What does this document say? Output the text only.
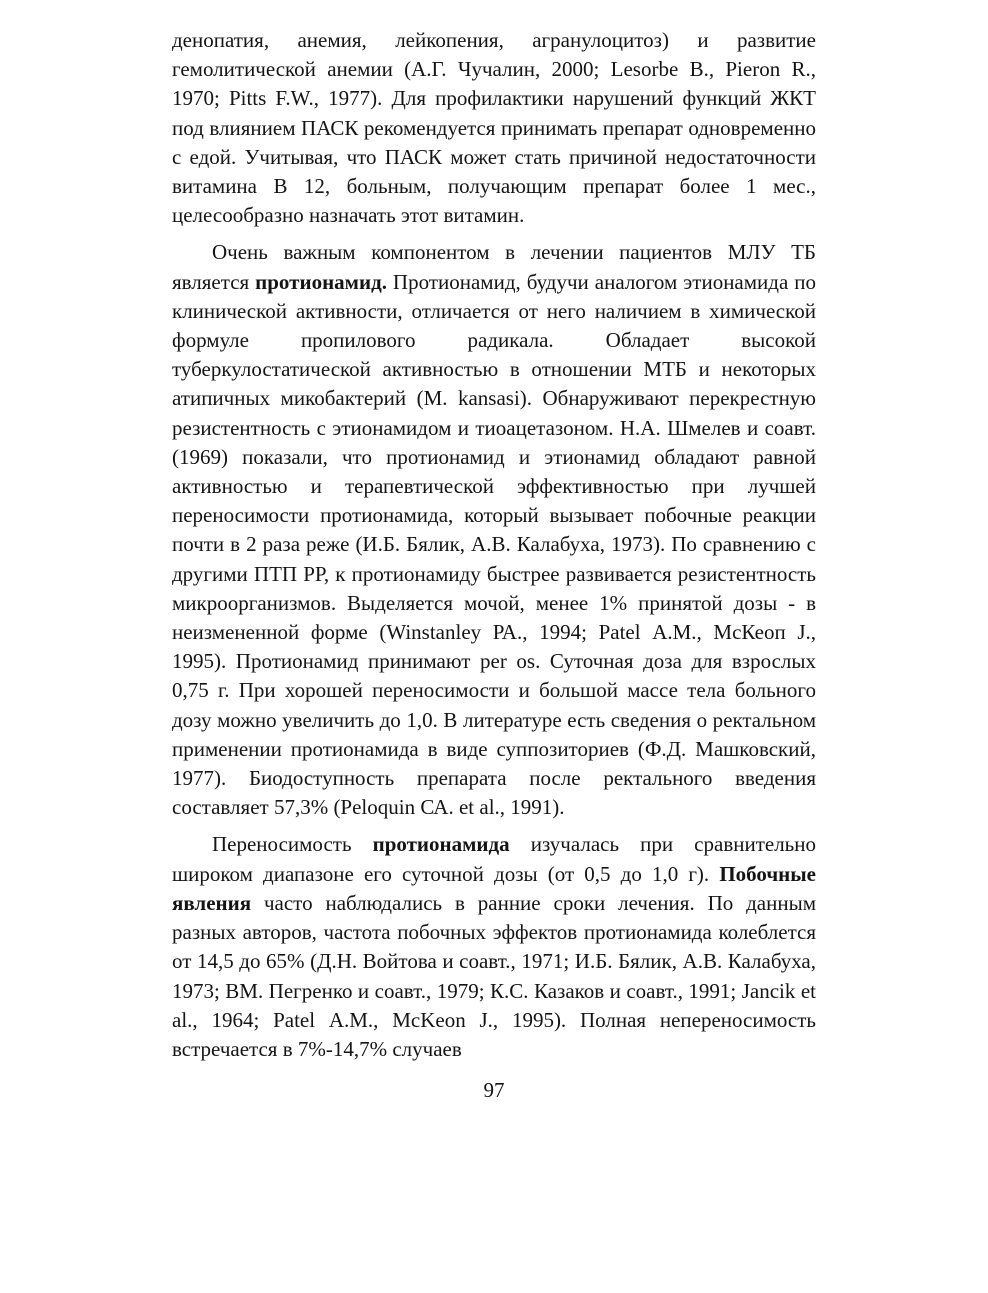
денопатия, анемия, лейкопения, агранулоцитоз) и развитие гемолитической анемии (А.Г. Чучалин, 2000; Lesorbe В., Pieron R., 1970; Pitts F.W., 1977). Для профилактики нарушений функций ЖКТ под влиянием ПАСК рекомендуется принимать препарат одновременно с едой. Учитывая, что ПАСК может стать причиной недостаточности витамина В 12, больным, получающим препарат более 1 мес., целесообразно назначать этот витамин.

Очень важным компонентом в лечении пациентов МЛУ ТБ является протионамид. Протионамид, будучи аналогом этионамида по клинической активности, отличается от него наличием в химической формуле пропилового радикала. Обладает высокой туберкулостатической активностью в отношении МТБ и некоторых атипичных микобактерий (М. kansasi). Обнаруживают перекрестную резистентность с этионамидом и тиоацетазоном. Н.А. Шмелев и соавт. (1969) показали, что протионамид и этионамид обладают равной активностью и терапевтической эффективностью при лучшей переносимости протионамида, который вызывает побочные реакции почти в 2 раза реже (И.Б. Бялик, А.В. Калабуха, 1973). По сравнению с другими ПТП РР, к протионамиду быстрее развивается резистентность микроорганизмов. Выделяется мочой, менее 1% принятой дозы - в неизмененной форме (Winstanley РА., 1994; Patel А.М., МсКеоп J., 1995). Протионамид принимают per os. Суточная доза для взрослых 0,75 г. При хорошей переносимости и большой массе тела больного дозу можно увеличить до 1,0. В литературе есть сведения о ректальном применении протионамида в виде суппозиториев (Ф.Д. Машковский, 1977). Биодоступность препарата после ректального введения составляет 57,3% (Peloquin СА. et al., 1991).

Переносимость протионамида изучалась при сравнительно широком диапазоне его суточной дозы (от 0,5 до 1,0 г). Побочные явления часто наблюдались в ранние сроки лечения. По данным разных авторов, частота побочных эффектов протионамида колеблется от 14,5 до 65% (Д.Н. Войтова и соавт., 1971; И.Б. Бялик, А.В. Калабуха, 1973; ВМ. Пегренко и соавт., 1979; К.С. Казаков и соавт., 1991; Jancik et al., 1964; Patel А.М., McKeon J., 1995). Полная непереносимость встречается в 7%-14,7% случаев

97
